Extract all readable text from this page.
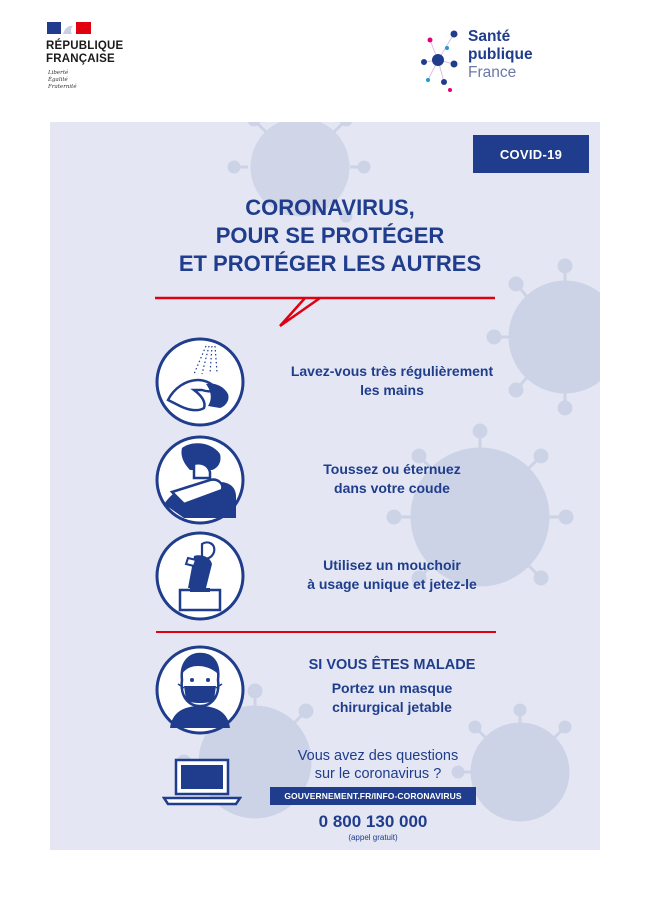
RÉPUBLIQUE
FRANÇAISE
Liberté
Égalité
Fraternité
Santé
publique
France
COVID-19
CORONAVIRUS,
POUR SE PROTÉGER
ET PROTÉGER LES AUTRES
Lavez-vous très régulièrement
les mains
Toussez ou éternuez
dans votre coude
Utilisez un mouchoir
à usage unique et jetez-le
SI VOUS ÊTES MALADE
Portez un masque
chirurgical jetable
Vous avez des questions
sur le coronavirus ?
GOUVERNEMENT.FR/INFO-CORONAVIRUS
0 800 130 000
(appel gratuit)
